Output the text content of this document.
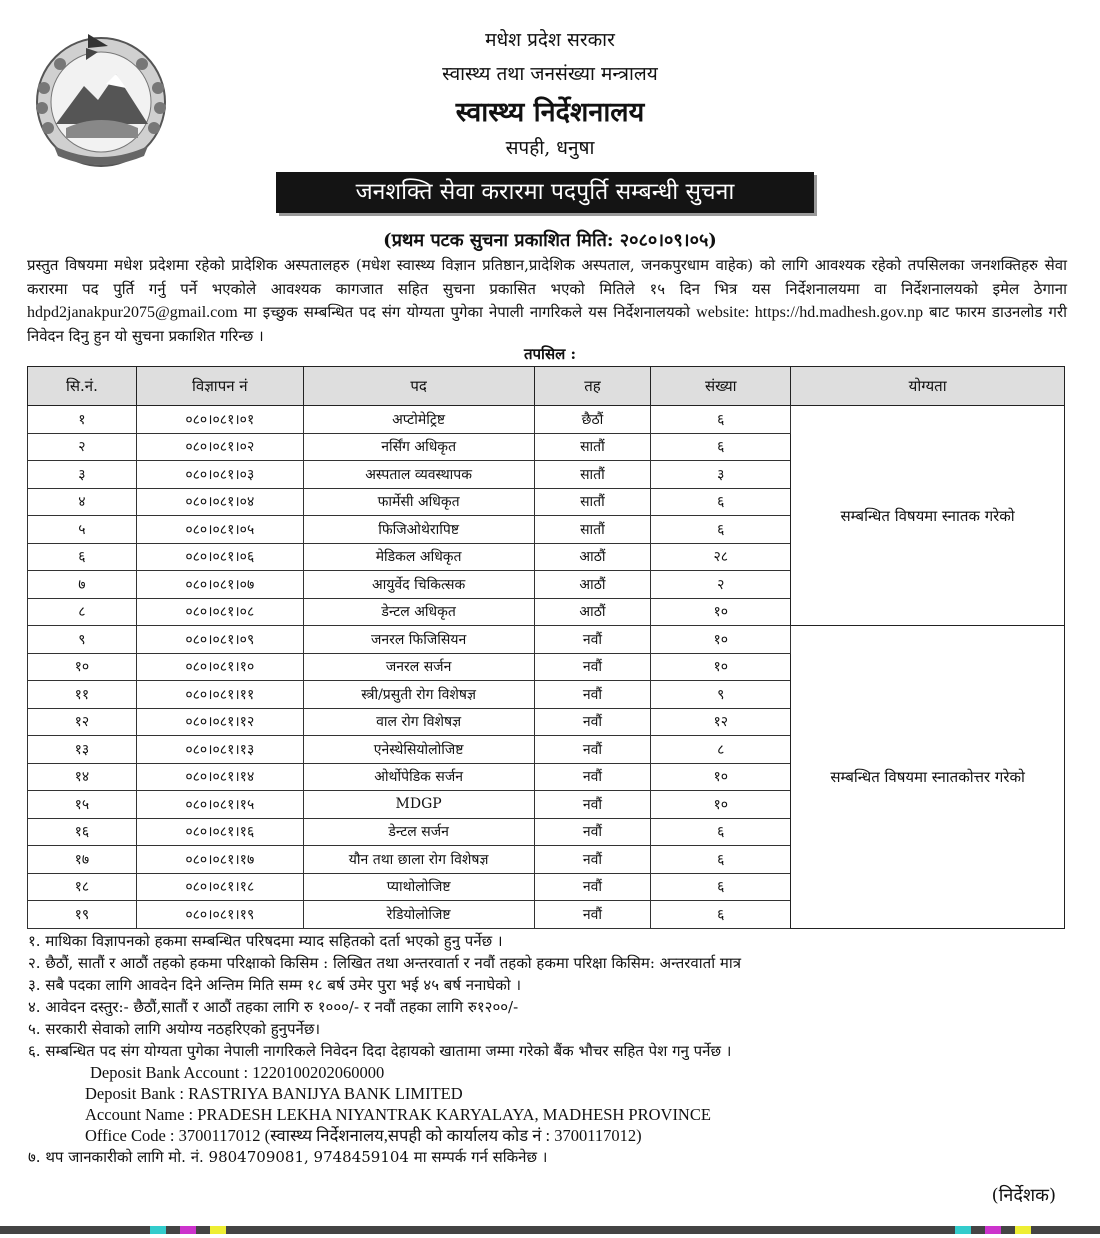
मधेश प्रदेश सरकार
स्वास्थ्य तथा जनसंख्या मन्त्रालय
स्वास्थ्य निर्देशनालय
सपही, धनुषा
जनशक्ति सेवा करारमा पदपुर्ति सम्बन्धी सुचना
(प्रथम पटक सुचना प्रकाशित मिति: २०८०।०९।०५)
प्रस्तुत विषयमा मधेश प्रदेशमा रहेको प्रादेशिक अस्पतालहरु (मधेश स्वास्थ्य विज्ञान प्रतिष्ठान,प्रादेशिक अस्पताल, जनकपुरधाम वाहेक) को लागि आवश्यक रहेको तपसिलका जनशक्तिहरु सेवा करारमा पद पुर्ति गर्नु पर्ने भएकोले आवश्यक कागजात सहित सुचना प्रकासित भएको मितिले १५ दिन भित्र यस निर्देशनालयमा वा निर्देशनालयको इमेल ठेगाना hdpd2janakpur2075@gmail.com मा इच्छुक सम्बन्धित पद संग योग्यता पुगेका नेपाली नागरिकले यस निर्देशनालयको website: https://hd.madhesh.gov.np बाट फारम डाउनलोड गरी निवेदन दिनु हुन यो सुचना प्रकाशित गरिन्छ ।
तपसिल :
सि.नं.	विज्ञापन नं	पद	तह	संख्या	योग्यता
१	०८०।०८१।०१	अप्टोमेट्रिष्ट	छैठौं	६	सम्बन्धित विषयमा स्नातक गरेको
२	०८०।०८१।०२	नर्सिंग अधिकृत	सातौं	६	
३	०८०।०८१।०३	अस्पताल व्यवस्थापक	सातौं	३	
४	०८०।०८१।०४	फार्मेसी अधिकृत	सातौं	६	
५	०८०।०८१।०५	फिजिओथेरापिष्ट	सातौं	६	
६	०८०।०८१।०६	मेडिकल अधिकृत	आठौं	२८	
७	०८०।०८१।०७	आयुर्वेद चिकित्सक	आठौं	२	
८	०८०।०८१।०८	डेन्टल अधिकृत	आठौं	१०	
९	०८०।०८१।०९	जनरल फिजिसियन	नवौं	१०	सम्बन्धित विषयमा स्नातकोत्तर गरेको
१०	०८०।०८१।१०	जनरल सर्जन	नवौं	१०	
११	०८०।०८१।११	स्त्री/प्रसुती रोग विशेषज्ञ	नवौं	९	
१२	०८०।०८१।१२	वाल रोग विशेषज्ञ	नवौं	१२	
१३	०८०।०८१।१३	एनेस्थेसियोलोजिष्ट	नवौं	८	
१४	०८०।०८१।१४	ओर्थोपेडिक सर्जन	नवौं	१०	
१५	०८०।०८१।१५	MDGP	नवौं	१०	
१६	०८०।०८१।१६	डेन्टल सर्जन	नवौं	६	
१७	०८०।०८१।१७	यौन तथा छाला रोग विशेषज्ञ	नवौं	६	
१८	०८०।०८१।१८	प्याथोलोजिष्ट	नवौं	६	
१९	०८०।०८१।१९	रेडियोलोजिष्ट	नवौं	६	
१. माथिका विज्ञापनको हकमा सम्बन्धित परिषदमा म्याद सहितको दर्ता भएको हुनु पर्नेछ ।
२. छैठौं, सातौं र आठौं तहको हकमा परिक्षाको किसिम : लिखित तथा अन्तरवार्ता र नवौं तहको हकमा परिक्षा किसिम: अन्तरवार्ता मात्र
३. सबै पदका लागि आवदेन दिने अन्तिम मिति सम्म १८ बर्ष उमेर पुरा भई ४५ बर्ष ननाघेको ।
४. आवेदन दस्तुर:- छैठौं,सातौं र आठौं तहका लागि रु १०००/- र नवौं तहका लागि रु१२००/-
५. सरकारी सेवाको लागि अयोग्य नठहरिएको हुनुपर्नेछ।
६. सम्बन्धित पद संग योग्यता पुगेका नेपाली नागरिकले निवेदन दिदा देहायको खातामा जम्मा गरेको बैंक भौचर सहित पेश गनु पर्नेछ ।
Deposit Bank Account : 1220100202060000
Deposit Bank : RASTRIYA BANIJYA BANK LIMITED
Account Name : PRADESH LEKHA NIYANTRAK KARYALAYA, MADHESH PROVINCE
Office Code : 3700117012 (स्वास्थ्य निर्देशनालय,सपही को कार्यालय कोड नं : 3700117012)
७. थप जानकारीको लागि मो. नं. 9804709081, 9748459104 मा सम्पर्क गर्न सकिनेछ ।
(निर्देशक)
